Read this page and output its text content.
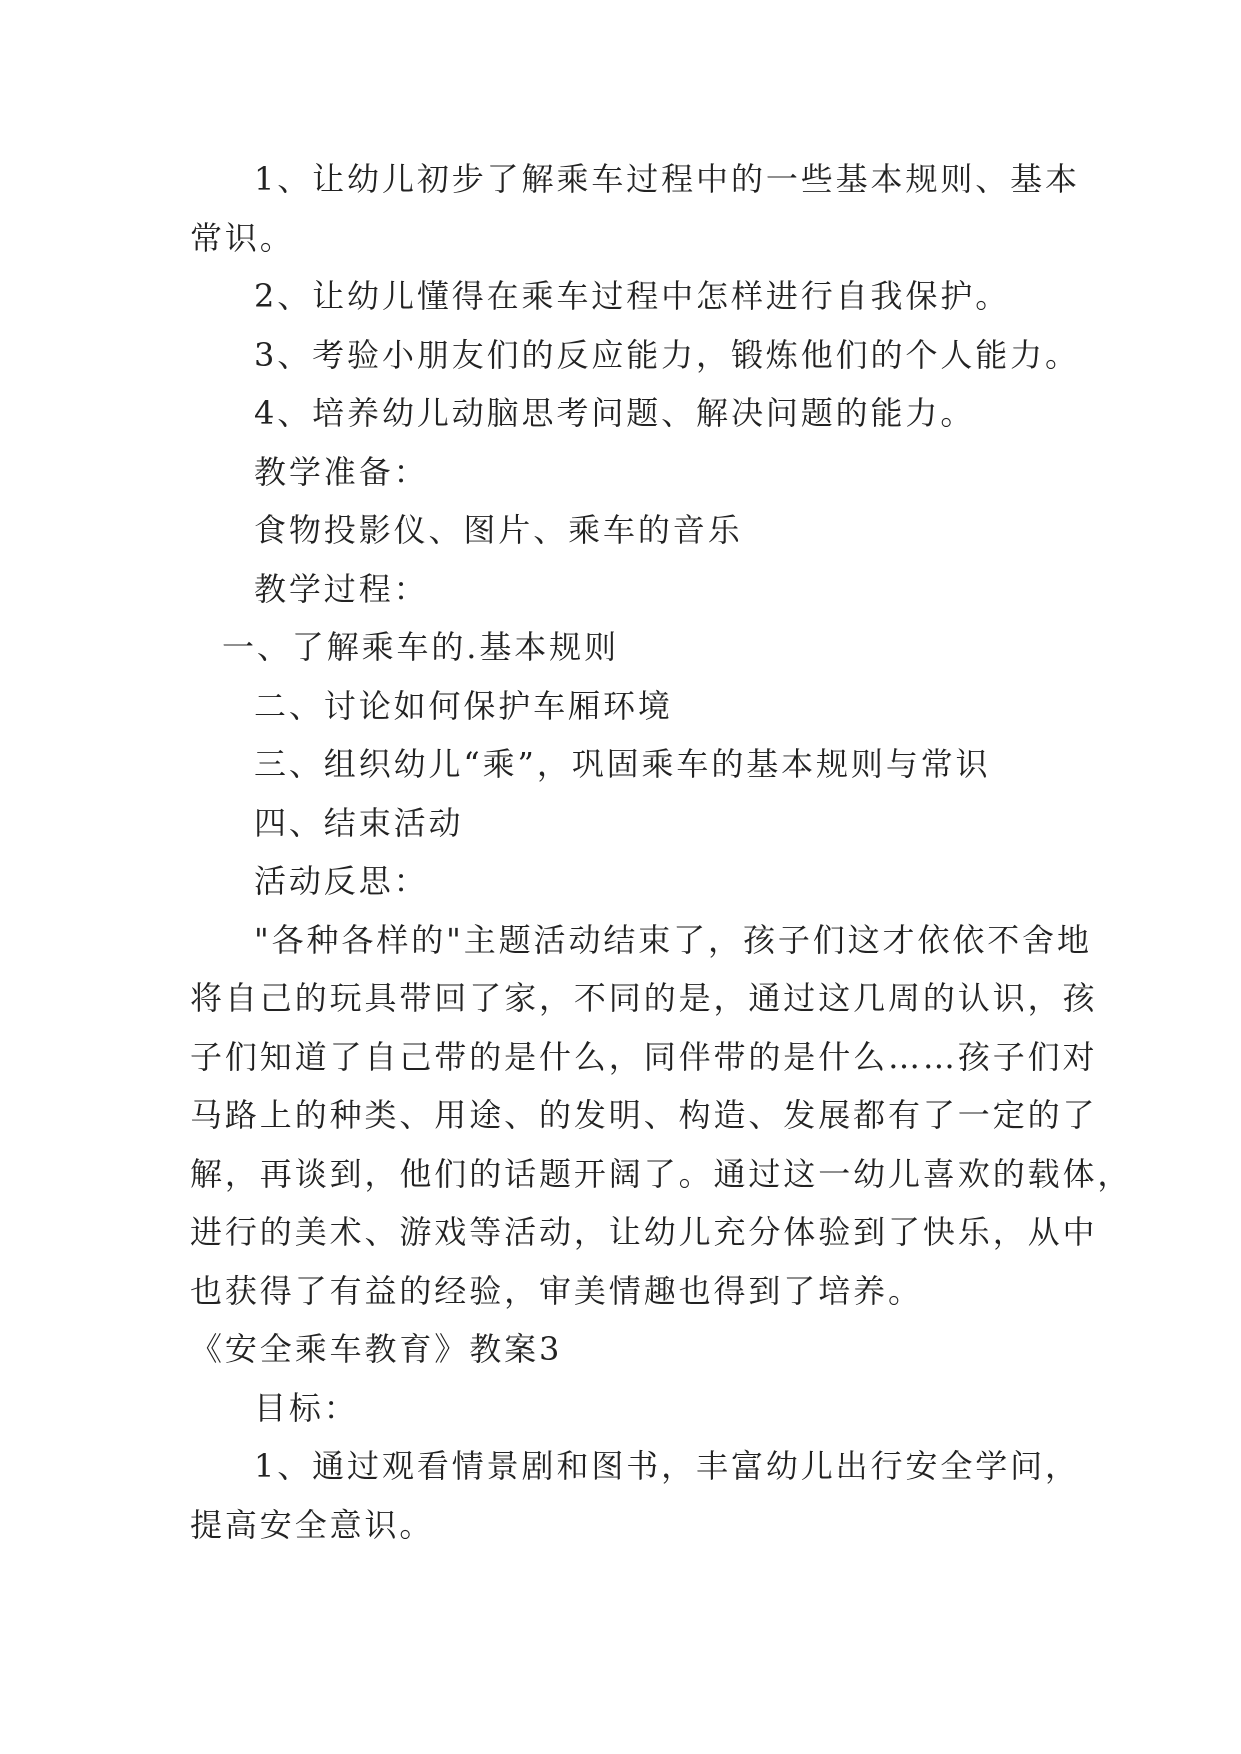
1、让幼儿初步了解乘车过程中的一些基本规则、基本
常识。
2、让幼儿懂得在乘车过程中怎样进行自我保护。
3、考验小朋友们的反应能力，锻炼他们的个人能力。
4、培养幼儿动脑思考问题、解决问题的能力。
教学准备：
食物投影仪、图片、乘车的音乐
教学过程：
一、了解乘车的.基本规则
二、讨论如何保护车厢环境
三、组织幼儿“乘”，巩固乘车的基本规则与常识
四、结束活动
活动反思：
"各种各样的"主题活动结束了，孩子们这才依依不舍地
将自己的玩具带回了家，不同的是，通过这几周的认识，孩
子们知道了自己带的是什么，同伴带的是什么……孩子们对
马路上的种类、用途、的发明、构造、发展都有了一定的了
解，再谈到，他们的话题开阔了。通过这一幼儿喜欢的载体，
进行的美术、游戏等活动，让幼儿充分体验到了快乐，从中
也获得了有益的经验，审美情趣也得到了培养。
《安全乘车教育》教案3
目标：
1、通过观看情景剧和图书，丰富幼儿出行安全学问，
提高安全意识。
